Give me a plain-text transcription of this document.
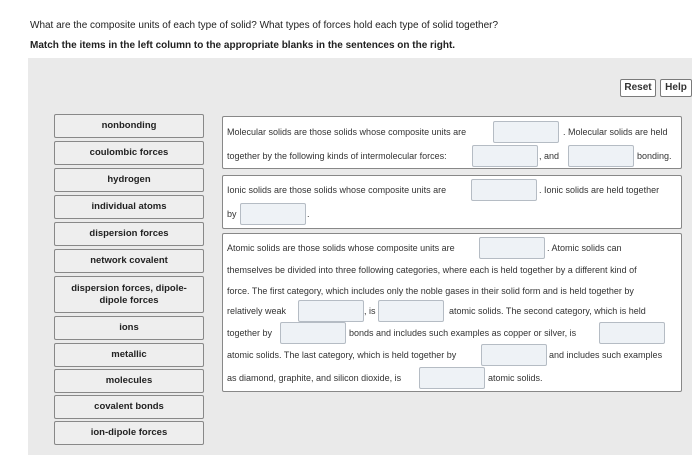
What are the composite units of each type of solid? What types of forces hold each type of solid together?
Match the items in the left column to the appropriate blanks in the sentences on the right.
Reset	Help
nonbonding
coulombic forces
hydrogen
individual atoms
dispersion forces
network covalent
dispersion forces, dipole-dipole forces
ions
metallic
molecules
covalent bonds
ion-dipole forces
Molecular solids are those solids whose composite units are	. Molecular solids are held
together by the following kinds of intermolecular forces:	, and	bonding.
Ionic solids are those solids whose composite units are	. Ionic solids are held together
by	.
Atomic solids are those solids whose composite units are	. Atomic solids can
themselves be divided into three following categories, where each is held together by a different kind of
force. The first category, which includes only the noble gases in their solid form and is held together by
relatively weak	, is	atomic solids. The second category, which is held
together by	bonds and includes such examples as copper or silver, is
atomic solids. The last category, which is held together by	and includes such examples
as diamond, graphite, and silicon dioxide, is	atomic solids.
